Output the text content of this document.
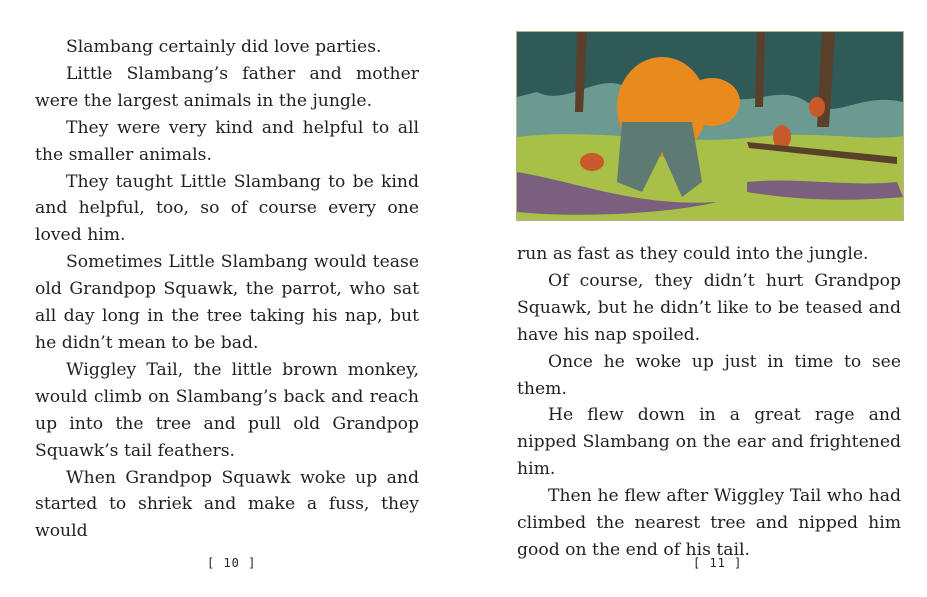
Slambang certainly did love parties.

Little Slambang’s father and mother were the largest animals in the jungle.

They were very kind and helpful to all the smaller animals.

They taught Little Slambang to be kind and helpful, too, so of course every one loved him.

Sometimes Little Slambang would tease old Grandpop Squawk, the parrot, who sat all day long in the tree taking his nap, but he didn’t mean to be bad.

Wiggley Tail, the little brown monkey, would climb on Slambang’s back and reach up into the tree and pull old Grandpop Squawk’s tail feathers.

When Grandpop Squawk woke up and started to shriek and make a fuss, they would

[ 10 ]

run as fast as they could into the jungle.

Of course, they didn’t hurt Grandpop Squawk, but he didn’t like to be teased and have his nap spoiled.

Once he woke up just in time to see them.

He flew down in a great rage and nipped Slambang on the ear and frightened him.

Then he flew after Wiggley Tail who had climbed the nearest tree and nipped him good on the end of his tail.

[ 11 ]
